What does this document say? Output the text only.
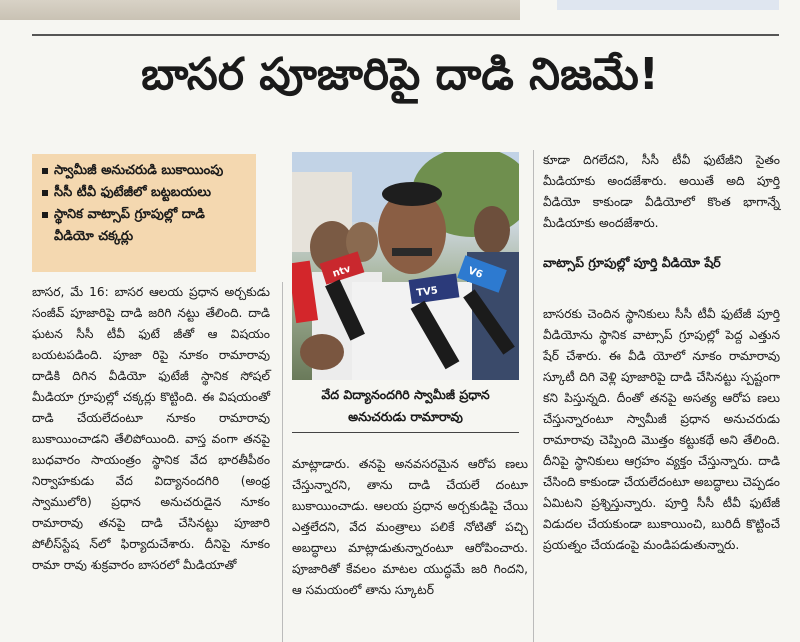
బాసర పూజారిపై దాడి నిజమే!
స్వామీజీ అనుచరుడి బుకాయింపు
సీసీ టీవీ ఫుటేజీలో బట్టబయలు
స్థానిక వాట్సాప్ గ్రూపుల్లో దాడి వీడియో చక్కర్లు

బాసర, మే 16: బాసర ఆలయ ప్రధాన అర్చకుడు సంజీవ్ పూజారిపై దాడి జరిగి నట్టు తేలింది. దాడి ఘటన సీసీ టీవీ ఫుటే జీతో ఆ విషయం బయటపడింది. పూజా రిపై నూకం రామారావు దాడికి దిగిన వీడియో ఫుటేజీ స్థానిక సోషల్ మీడియా గ్రూపుల్లో చక్కర్లు కొట్టింది. ఈ విషయంతో దాడి చేయలేదంటూ నూకం రామారావు బుకాయించాడని తేలిపోయింది. వాస్త వంగా తనపై బుధవారం సాయంత్రం స్థానిక వేద భారతీపీఠం నిర్వాహకుడు వేద విద్యానందగిరి (అంధ్ర స్వాములోరి) ప్రధాన అనుచరుడైన నూకం రామారావు తనపై దాడి చేసినట్టు పూజారి పోలీస్‌స్టేష న్‌లో ఫిర్యాదుచేశారు. దీనిపై నూకం రామా రావు శుక్రవారం బాసరలో మీడియాతో

ntv
TV5
V6
వేద విద్యానందగిరి స్వామీజీ ప్రధాన అనుచరుడు రామారావు

మాట్లాడారు. తనపై అనవసరమైన ఆరోప ణలు చేస్తున్నారని, తాను దాడి చేయలే దంటూ బుకాయించాడు. ఆలయ ప్రధాన అర్చకుడిపై చేయి ఎత్తలేదని, వేద మంత్రాలు పలికే నోటితో పచ్చి అబద్ధాలు మాట్లాడుతున్నారంటూ ఆరోపించారు. పూజారితో కేవలం మాటల యుద్ధమే జరి గిందని, ఆ సమయంలో తాను స్కూటర్

కూడా దిగలేదని, సీసీ టీవీ ఫుటేజీని సైతం మీడియాకు అందజేశారు. అయితే అది పూర్తి వీడియో కాకుండా వీడియోలో కొంత భాగాన్నే మీడియాకు అందజేశారు.

వాట్సాప్ గ్రూపుల్లో పూర్తి వీడియో షేర్

బాసరకు చెందిన స్థానికులు సీసీ టీవీ ఫుటేజీ పూర్తి వీడియోను స్థానిక వాట్సాప్ గ్రూపుల్లో పెద్ద ఎత్తున షేర్ చేశారు. ఈ వీడి యోలో నూకం రామారావు స్కూటీ దిగి వెళ్లి పూజారిపై దాడి చేసినట్టు స్పష్టంగా కని పిస్తున్నది. దీంతో తనపై అసత్య ఆరోప ణలు చేస్తున్నారంటూ స్వామీజీ ప్రధాన అనుచరుడు రామారావు చెప్పింది మొత్తం కట్టుకథే అని తేలింది. దీనిపై స్థానికులు ఆగ్రహం వ్యక్తం చేస్తున్నారు. దాడి చేసింది కాకుండా చేయలేదంటూ అబద్ధాలు చెప్పడం ఏమిటని ప్రశ్నిస్తున్నారు. పూర్తి సీసీ టీవీ ఫుటేజీ విడుదల చేయకుండా బుకాయించి, బురిదీ కొట్టించే ప్రయత్నం చేయడంపై మండిపడుతున్నారు.
